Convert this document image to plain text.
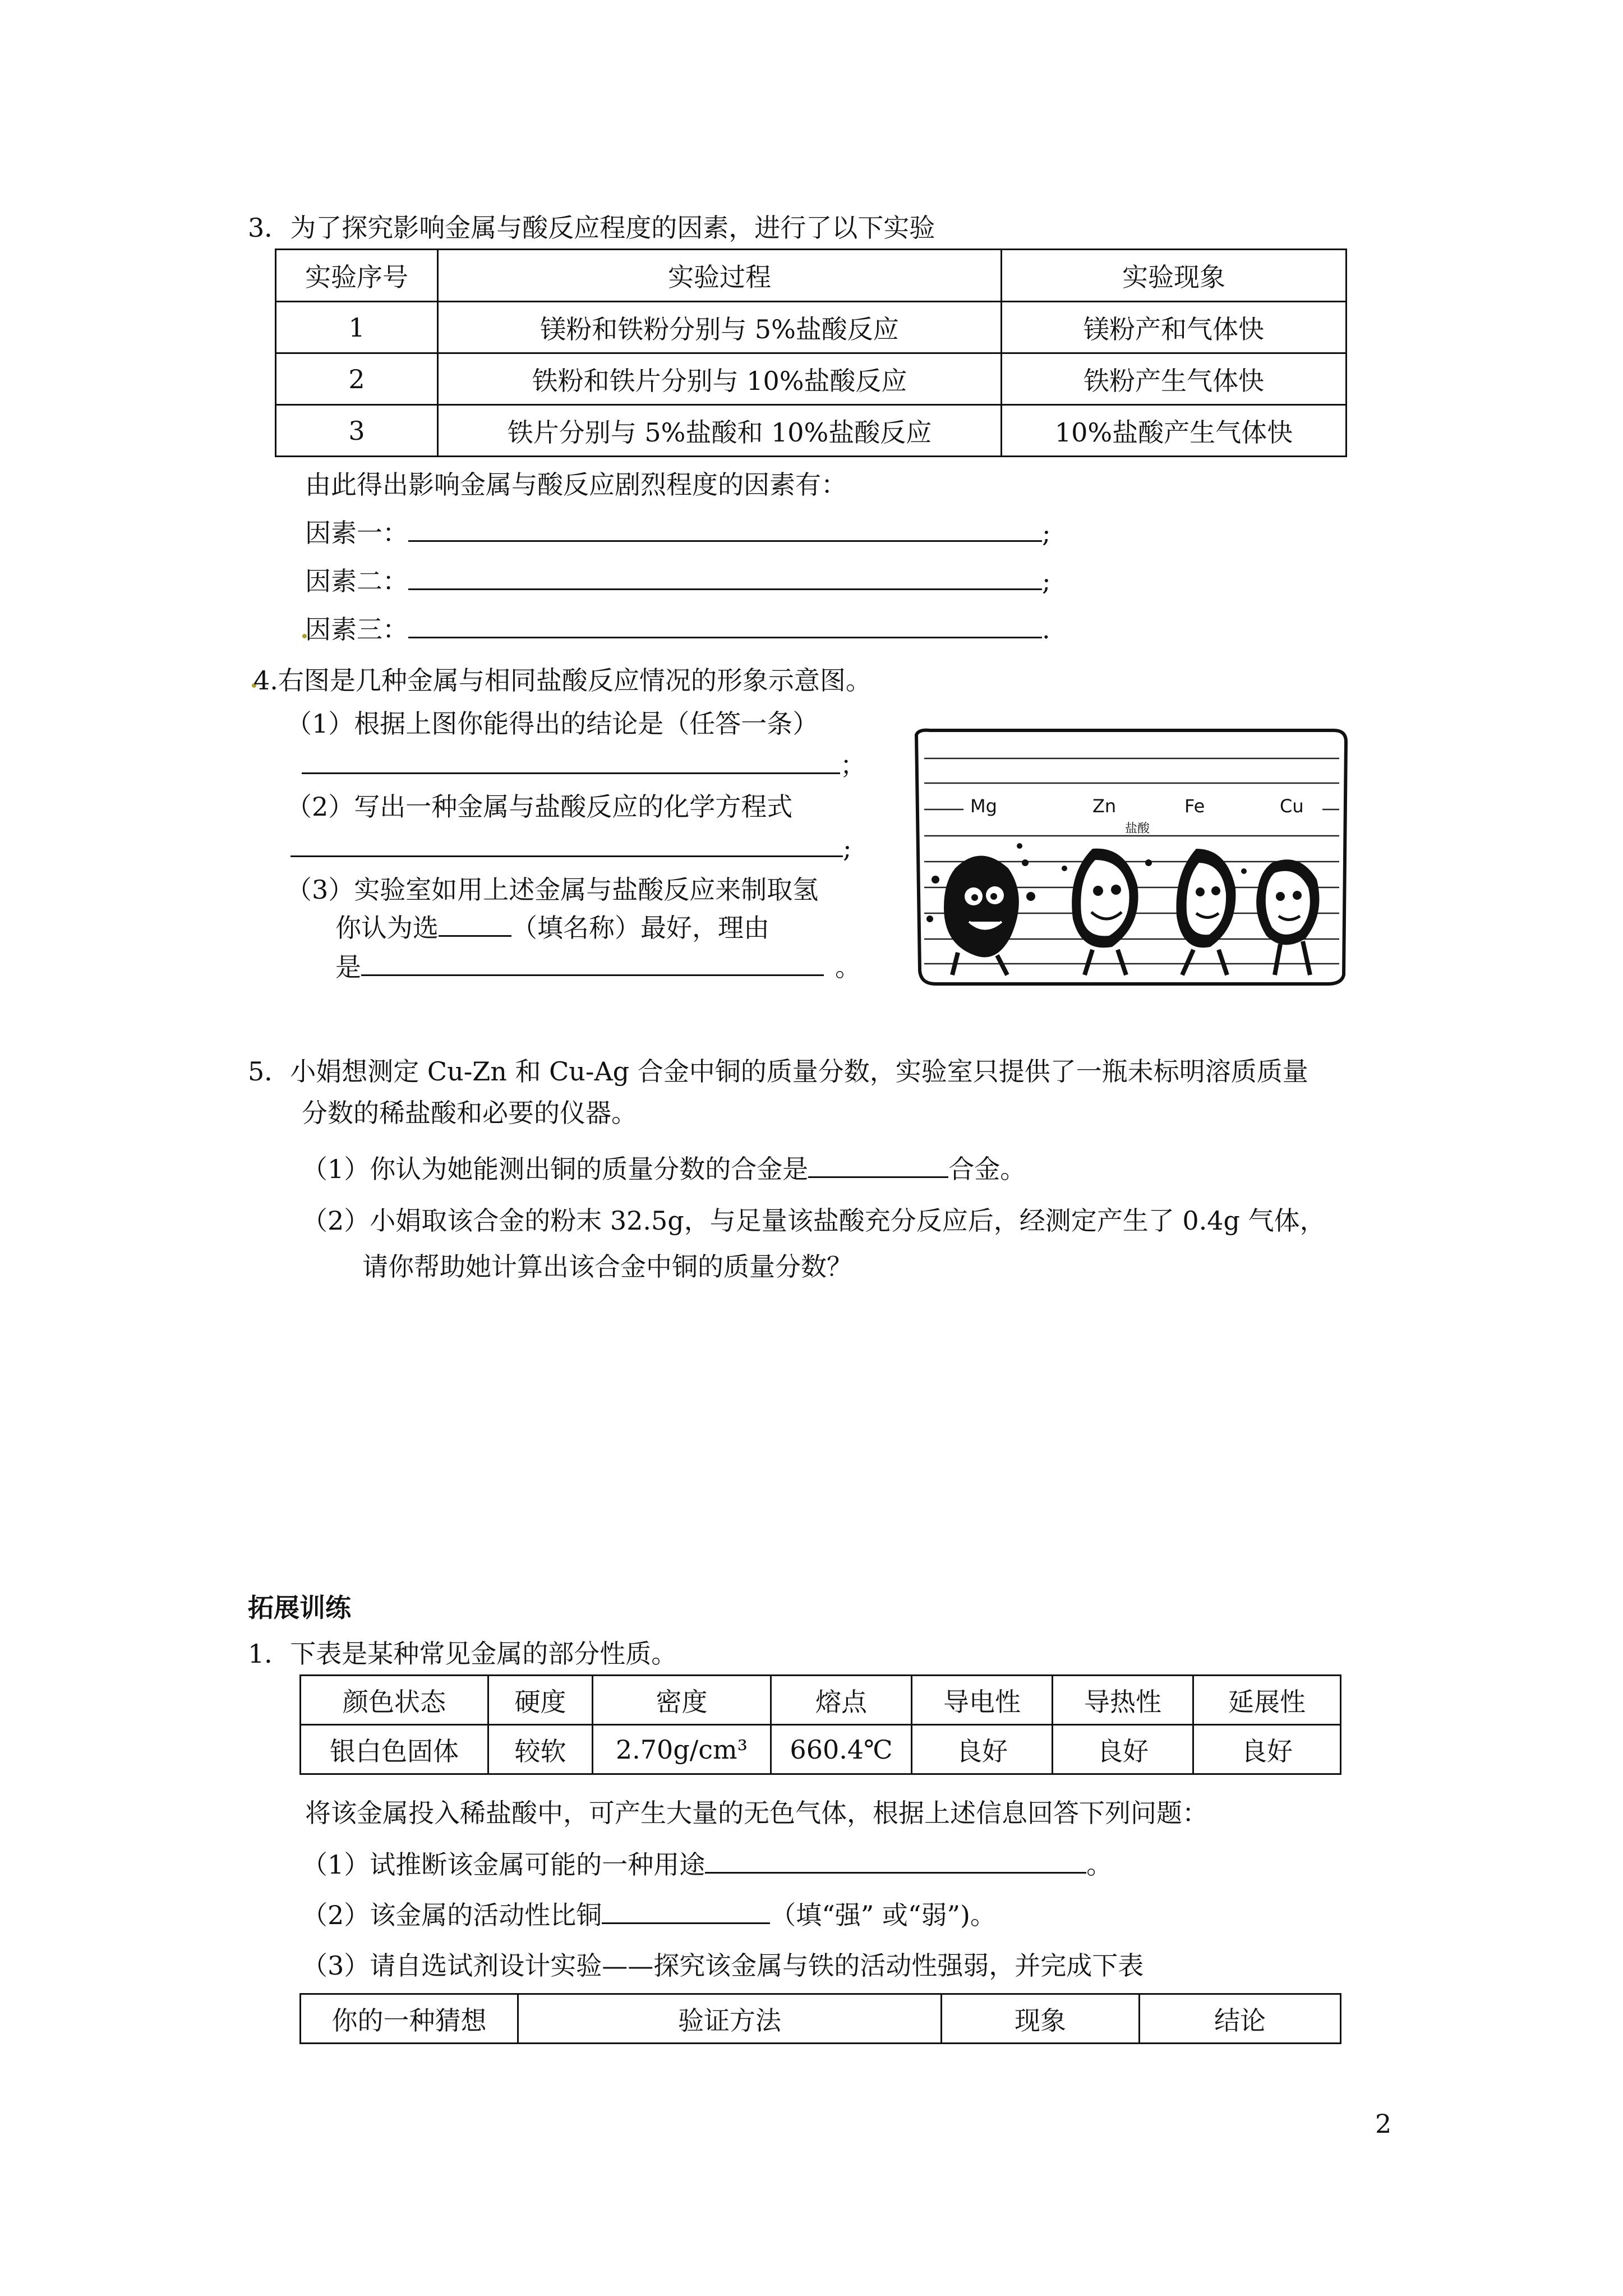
3．为了探究影响金属与酸反应程度的因素，进行了以下实验
实验序号	实验过程	实验现象
1	镁粉和铁粉分别与 5%盐酸反应	镁粉产和气体快
2	铁粉和铁片分别与 10%盐酸反应	铁粉产生气体快
3	铁片分别与 5%盐酸和 10%盐酸反应	10%盐酸产生气体快
由此得出影响金属与酸反应剧烈程度的因素有：
因素一：	;
因素二：	;
因素三：	.
4.右图是几种金属与相同盐酸反应情况的形象示意图。
（1）根据上图你能得出的结论是（任答一条）
；
（2）写出一种金属与盐酸反应的化学方程式
;
（3）实验室如用上述金属与盐酸反应来制取氢
你认为选	（填名称）最好，理由
是	。
Mg	Zn	Fe	Cu
盐酸
5．小娟想测定 Cu-Zn 和 Cu-Ag 合金中铜的质量分数，实验室只提供了一瓶未标明溶质质量
分数的稀盐酸和必要的仪器。
（1）你认为她能测出铜的质量分数的合金是	合金。
（2）小娟取该合金的粉末 32.5g，与足量该盐酸充分反应后，经测定产生了 0.4g 气体，
请你帮助她计算出该合金中铜的质量分数？
拓展训练
1．下表是某种常见金属的部分性质。
颜色状态	硬度	密度	熔点	导电性	导热性	延展性
银白色固体	较软	2.70g/cm³	660.4℃	良好	良好	良好
将该金属投入稀盐酸中，可产生大量的无色气体，根据上述信息回答下列问题：
（1）试推断该金属可能的一种用途	。
（2）该金属的活动性比铜	（填“强” 或“弱”)。
（3）请自选试剂设计实验——探究该金属与铁的活动性强弱，并完成下表
你的一种猜想	验证方法	现象	结论
2
